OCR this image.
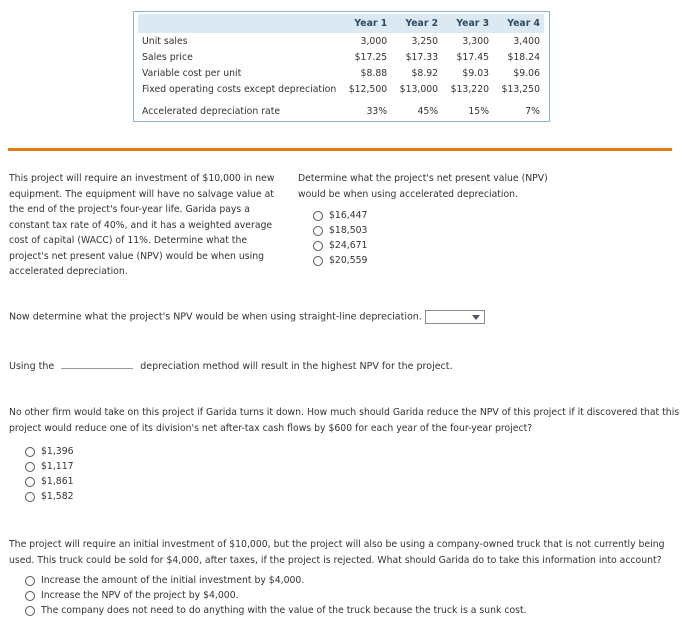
	Year 1	Year 2	Year 3	Year 4
Unit sales	3,000	3,250	3,300	3,400
Sales price	$17.25	$17.33	$17.45	$18.24
Variable cost per unit	$8.88	$8.92	$9.03	$9.06
Fixed operating costs except depreciation	$12,500	$13,000	$13,220	$13,250

Accelerated depreciation rate	33%	45%	15%	7%

This project will require an investment of $10,000 in new

equipment. The equipment will have no salvage value at

the end of the project's four-year life. Garida pays a

constant tax rate of 40%, and it has a weighted average

cost of capital (WACC) of 11%. Determine what the

project's net present value (NPV) would be when using

accelerated depreciation.

Determine what the project's net present value (NPV)

would be when using accelerated depreciation.

$16,447
$18,503
$24,671
$20,559
Now determine what the project's NPV would be when using straight-line depreciation.
Using the	depreciation method will result in the highest NPV for the project.

No other firm would take on this project if Garida turns it down. How much should Garida reduce the NPV of this project if it discovered that this

project would reduce one of its division's net after-tax cash flows by $600 for each year of the four-year project?

$1,396
$1,117
$1,861
$1,582

The project will require an initial investment of $10,000, but the project will also be using a company-owned truck that is not currently being

used. This truck could be sold for $4,000, after taxes, if the project is rejected. What should Garida do to take this information into account?

Increase the amount of the initial investment by $4,000.
Increase the NPV of the project by $4,000.
The company does not need to do anything with the value of the truck because the truck is a sunk cost.
